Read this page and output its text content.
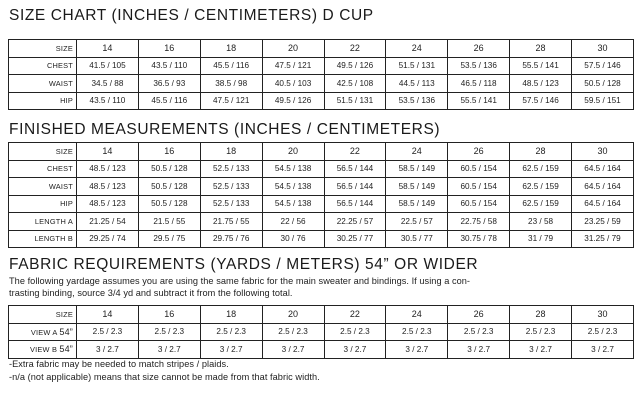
SIZE CHART (INCHES / CENTIMETERS) D CUP
SIZE	14	16	18	20	22	24	26	28	30
CHEST	41.5 / 105	43.5 / 110	45.5 / 116	47.5 / 121	49.5 / 126	51.5 / 131	53.5 / 136	55.5 / 141	57.5 / 146
WAIST	34.5 / 88	36.5 / 93	38.5 / 98	40.5 / 103	42.5 / 108	44.5 / 113	46.5 / 118	48.5 / 123	50.5 / 128
HIP	43.5 / 110	45.5 / 116	47.5 / 121	49.5 / 126	51.5 / 131	53.5 / 136	55.5 / 141	57.5 / 146	59.5 / 151
FINISHED MEASUREMENTS (INCHES / CENTIMETERS)
SIZE	14	16	18	20	22	24	26	28	30
CHEST	48.5 / 123	50.5 / 128	52.5 / 133	54.5 / 138	56.5 / 144	58.5 / 149	60.5 / 154	62.5 / 159	64.5 / 164
WAIST	48.5 / 123	50.5 / 128	52.5 / 133	54.5 / 138	56.5 / 144	58.5 / 149	60.5 / 154	62.5 / 159	64.5 / 164
HIP	48.5 / 123	50.5 / 128	52.5 / 133	54.5 / 138	56.5 / 144	58.5 / 149	60.5 / 154	62.5 / 159	64.5 / 164
LENGTH A	21.25 / 54	21.5 / 55	21.75 / 55	22 / 56	22.25 / 57	22.5 / 57	22.75 / 58	23 / 58	23.25 / 59
LENGTH B	29.25 / 74	29.5 / 75	29.75 / 76	30 / 76	30.25 / 77	30.5 / 77	30.75 / 78	31 / 79	31.25 / 79
FABRIC REQUIREMENTS (YARDS / METERS) 54” OR WIDER
The following yardage assumes you are using the same fabric for the main sweater and bindings. If using a con-
trasting binding, source 3/4 yd and subtract it from the following total.
SIZE	14	16	18	20	22	24	26	28	30
VIEW A 54”	2.5 / 2.3	2.5 / 2.3	2.5 / 2.3	2.5 / 2.3	2.5 / 2.3	2.5 / 2.3	2.5 / 2.3	2.5 / 2.3	2.5 / 2.3
VIEW B 54”	3 / 2.7	3 / 2.7	3 / 2.7	3 / 2.7	3 / 2.7	3 / 2.7	3 / 2.7	3 / 2.7	3 / 2.7
-Extra fabric may be needed to match stripes / plaids.
-n/a (not applicable) means that size cannot be made from that fabric width.
